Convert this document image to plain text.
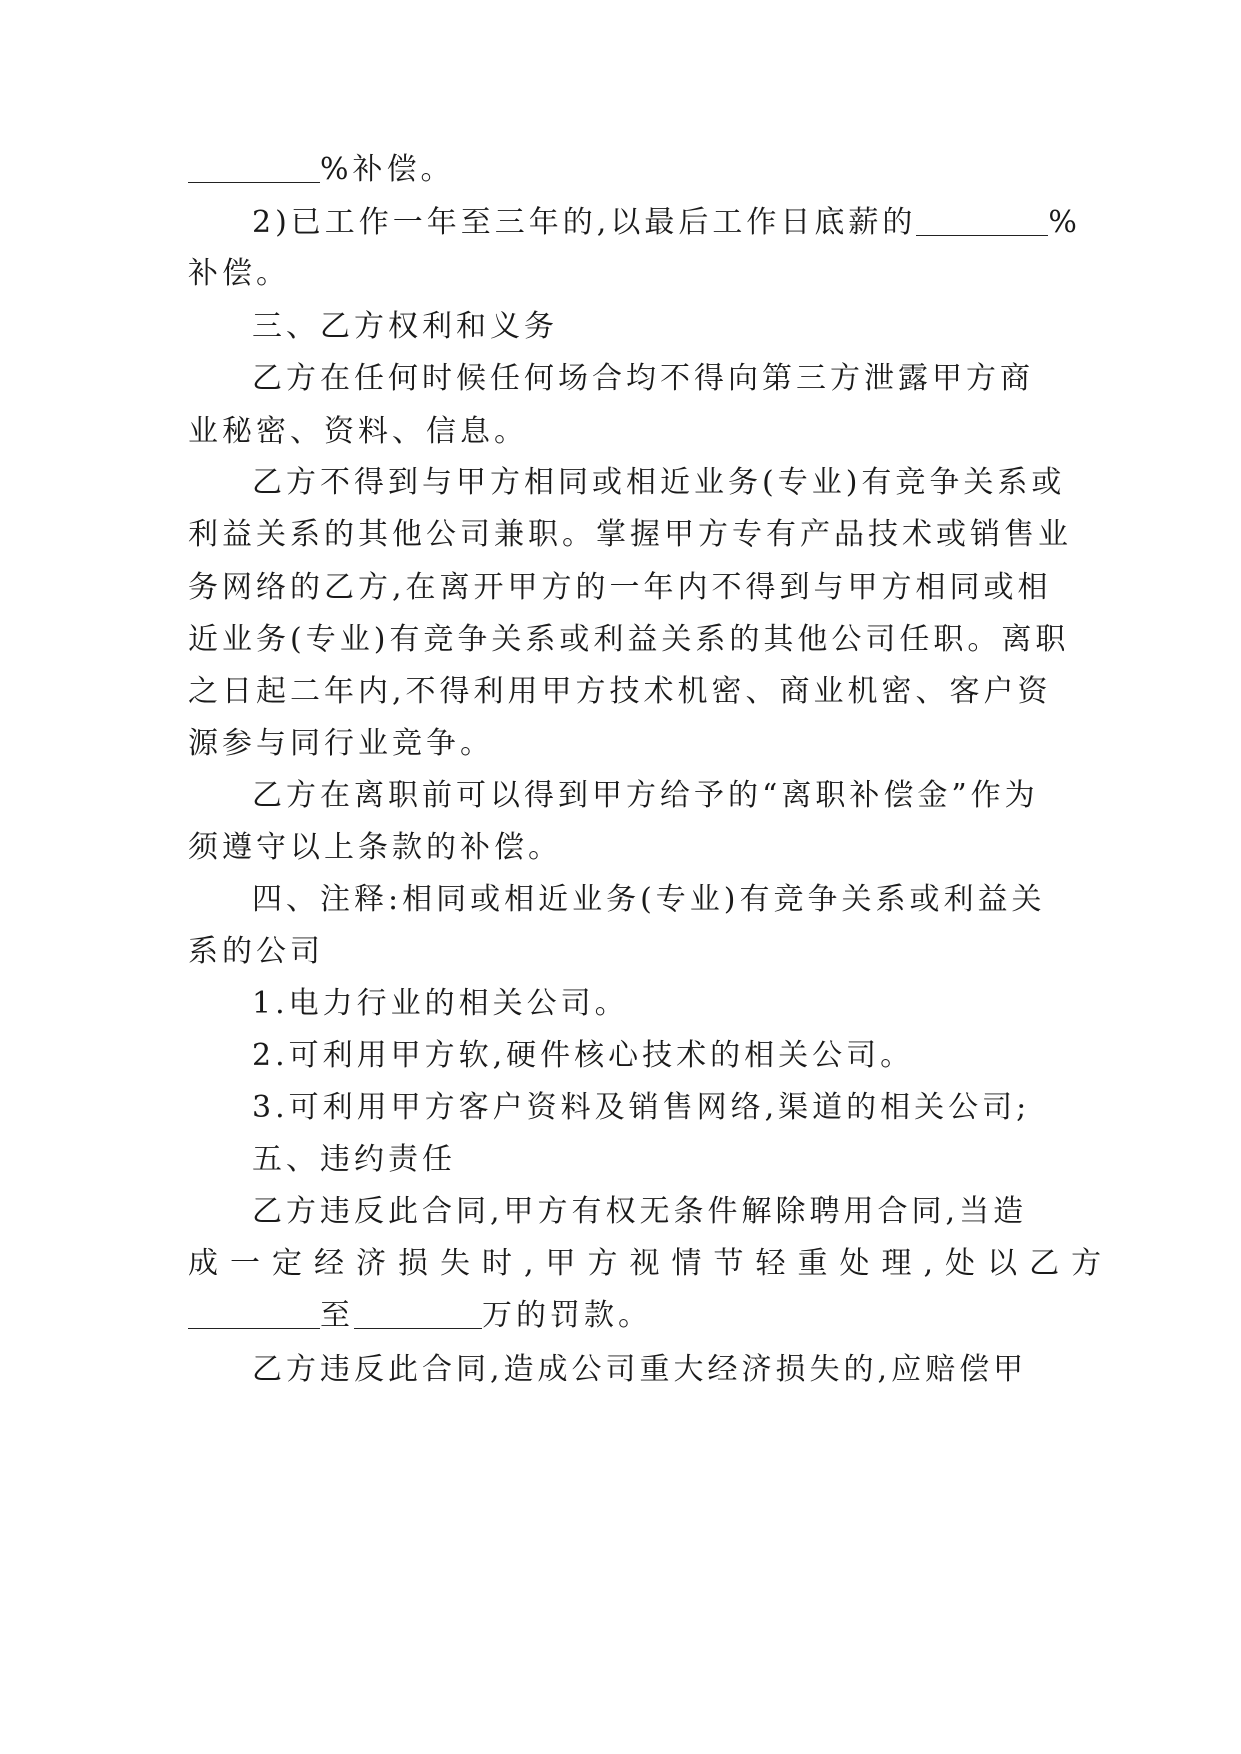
%补偿。
2)已工作一年至三年的,以最后工作日底薪的	%
补偿。
三、乙方权利和义务
乙方在任何时候任何场合均不得向第三方泄露甲方商
业秘密、资料、信息。
乙方不得到与甲方相同或相近业务(专业)有竞争关系或
利益关系的其他公司兼职。掌握甲方专有产品技术或销售业
务网络的乙方,在离开甲方的一年内不得到与甲方相同或相
近业务(专业)有竞争关系或利益关系的其他公司任职。离职
之日起二年内,不得利用甲方技术机密、商业机密、客户资
源参与同行业竞争。
乙方在离职前可以得到甲方给予的“离职补偿金”作为
须遵守以上条款的补偿。
四、注释:相同或相近业务(专业)有竞争关系或利益关
系的公司
1.电力行业的相关公司。
2.可利用甲方软,硬件核心技术的相关公司。
3.可利用甲方客户资料及销售网络,渠道的相关公司;
五、违约责任
乙方违反此合同,甲方有权无条件解除聘用合同,当造
成一定经济损失时,甲方视情节轻重处理,处以乙方
至	万的罚款。
乙方违反此合同,造成公司重大经济损失的,应赔偿甲
